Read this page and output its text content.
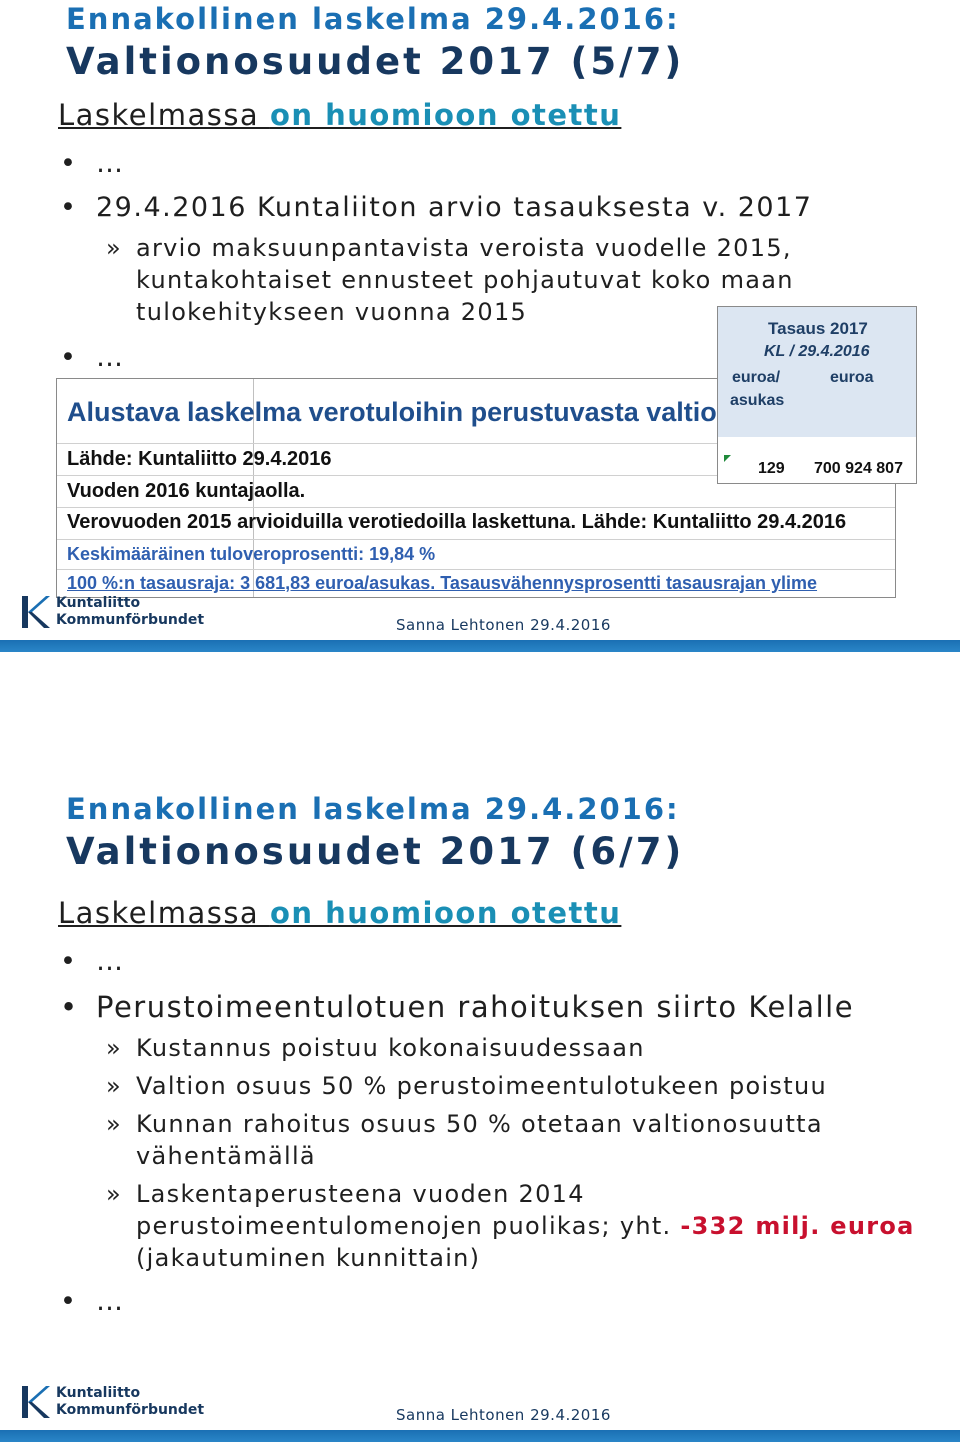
Ennakollinen laskelma 29.4.2016:
Valtionosuudet 2017 (5/7)
Laskelmassa on huomioon otettu
• …
• 29.4.2016 Kuntaliiton arvio tasauksesta v. 2017
» arvio maksuunpantavista veroista vuodelle 2015,
kuntakohtaiset ennusteet pohjautuvat koko maan
tulokehitykseen vuonna 2015
• …
Alustava laskelma verotuloihin perustuvasta valtio
Lähde: Kuntaliitto 29.4.2016
Vuoden 2016 kuntajaolla.
Verovuoden 2015 arvioiduilla verotiedoilla laskettuna. Lähde: Kuntaliitto 29.4.2016
Keskimääräinen tuloveroprosentti: 19,84 %
100 %:n tasausraja: 3 681,83 euroa/asukas. Tasausvähennysprosentti tasausrajan ylime
Tasaus 2017
KL / 29.4.2016
euroa/
asukas
euroa
129 700 924 807
Kuntaliitto
Kommunförbundet	Sanna Lehtonen 29.4.2016
Ennakollinen laskelma 29.4.2016:
Valtionosuudet 2017 (6/7)
Laskelmassa on huomioon otettu
• …
• Perustoimeentulotuen rahoituksen siirto Kelalle
» Kustannus poistuu kokonaisuudessaan
» Valtion osuus 50 % perustoimeentulotukeen poistuu
» Kunnan rahoitus osuus 50 % otetaan valtionosuutta
vähentämällä
» Laskentaperusteena vuoden 2014
perustoimeentulomenojen puolikas; yht. -332 milj. euroa
(jakautuminen kunnittain)
• …
Kuntaliitto
Kommunförbundet	Sanna Lehtonen 29.4.2016
